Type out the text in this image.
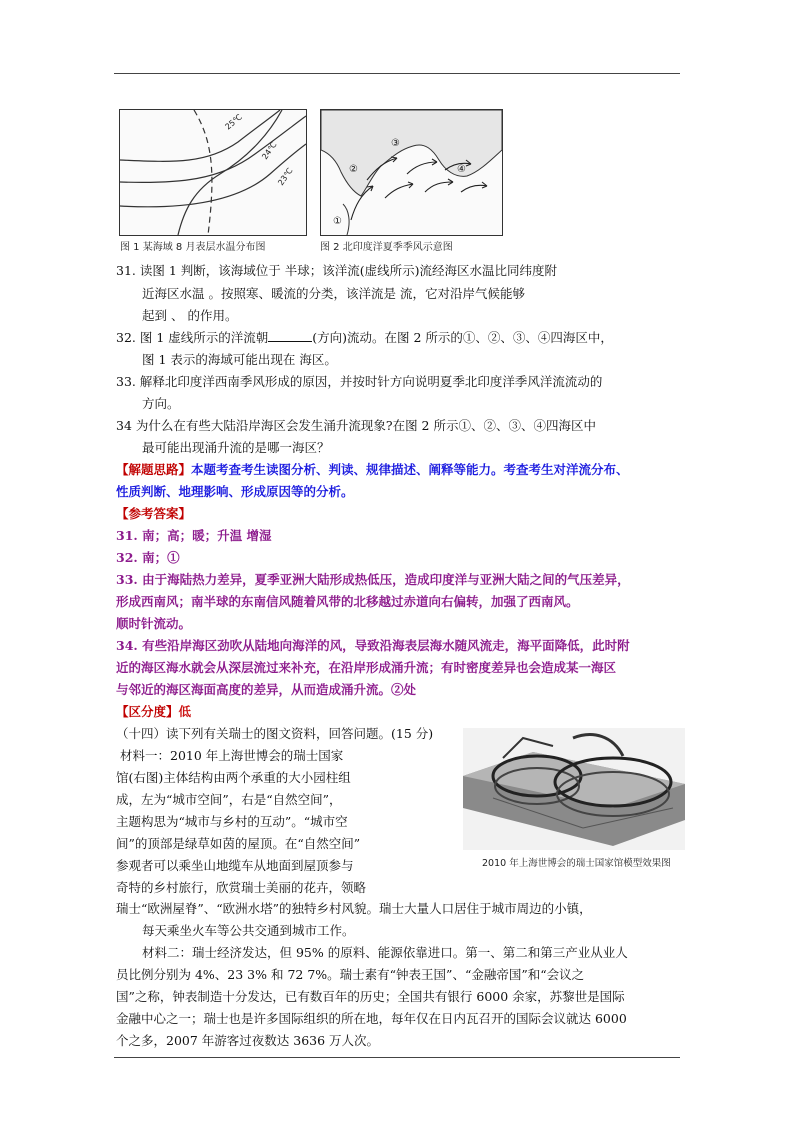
25℃
24℃
23℃
图 1 某海域 8 月表层水温分布图
③
②	④
①
图 2 北印度洋夏季季风示意图
31. 读图 1 判断，该海域位于 半球；该洋流(虚线所示)流经海区水温比同纬度附
近海区水温 。按照寒、暖流的分类，该洋流是 流，它对沿岸气候能够
起到 、 的作用。
32. 图 1 虚线所示的洋流朝	(方向)流动。在图 2 所示的①、②、③、④四海区中，
图 1 表示的海域可能出现在 海区。
33. 解释北印度洋西南季风形成的原因，并按时针方向说明夏季北印度洋季风洋流流动的
方向。
34 为什么在有些大陆沿岸海区会发生涌升流现象?在图 2 所示①、②、③、④四海区中
最可能出现涌升流的是哪一海区？
【解题思路】本题考查考生读图分析、判读、规律描述、阐释等能力。考查考生对洋流分布、
性质判断、地理影响、形成原因等的分析。
【参考答案】
31. 南；高；暖；升温 增湿
32. 南；①
33. 由于海陆热力差异，夏季亚洲大陆形成热低压，造成印度洋与亚洲大陆之间的气压差异，
形成西南风；南半球的东南信风随着风带的北移越过赤道向右偏转，加强了西南风。
顺时针流动。
34. 有些沿岸海区劲吹从陆地向海洋的风，导致沿海表层海水随风流走，海平面降低，此时附
近的海区海水就会从深层流过来补充，在沿岸形成涌升流；有时密度差异也会造成某一海区
与邻近的海区海面高度的差异，从而造成涌升流。②处
【区分度】低
（十四）读下列有关瑞士的图文资料，回答问题。(15 分)
材料一：2010 年上海世博会的瑞士国家
馆(右图)主体结构由两个承重的大小园柱组
成，左为“城市空间”，右是“自然空间”，
主题构思为“城市与乡村的互动”。“城市空
间”的顶部是绿草如茵的屋顶。在“自然空间”
参观者可以乘坐山地缆车从地面到屋顶参与
奇特的乡村旅行，欣赏瑞士美丽的花卉，领略
2010 年上海世博会的瑞士国家馆模型效果图
瑞士“欧洲屋脊”、“欧洲水塔”的独特乡村风貌。瑞士大量人口居住于城市周边的小镇，
每天乘坐火车等公共交通到城市工作。
材料二：瑞士经济发达，但 95% 的原料、能源依靠进口。第一、第二和第三产业从业人
员比例分别为 4%、23 3% 和 72 7%。瑞士素有“钟表王国”、“金融帝国”和“会议之
国”之称，钟表制造十分发达，已有数百年的历史；全国共有银行 6000 余家，苏黎世是国际
金融中心之一；瑞士也是许多国际组织的所在地，每年仅在日内瓦召开的国际会议就达 6000
个之多，2007 年游客过夜数达 3636 万人次。
